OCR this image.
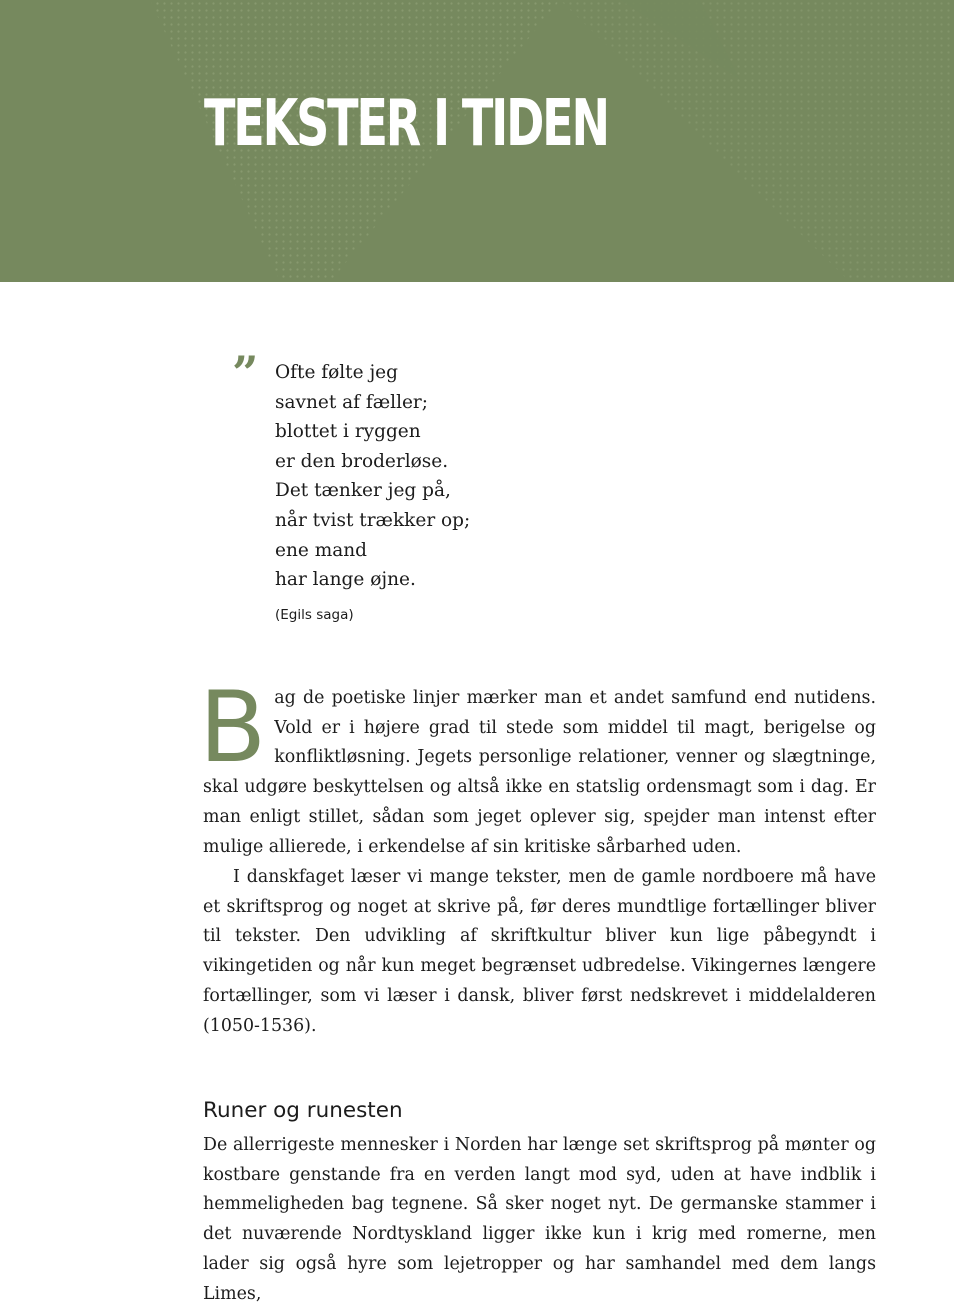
TEKSTER I TIDEN
” Ofte følte jeg
savnet af fæller;
blottet i ryggen
er den broderløse.
Det tænker jeg på,
når tvist trækker op;
ene mand
har lange øjne.
(Egils saga)

Bag de poetiske linjer mærker man et andet samfund end nutidens. Vold er i højere grad til stede som middel til magt, berigelse og konfliktløsning. Jegets personlige relationer, venner og slægtninge, skal udgøre beskyttelsen og altså ikke en statslig ordensmagt som i dag. Er man enligt stillet, sådan som jeget oplever sig, spejder man intenst efter mulige allierede, i erkendelse af sin kritiske sårbarhed uden.

I danskfaget læser vi mange tekster, men de gamle nordboere må have et skriftsprog og noget at skrive på, før deres mundtlige fortællinger bliver til tekster. Den udvikling af skriftkultur bliver kun lige påbegyndt i vikingetiden og når kun meget begrænset udbredelse. Vikingernes længere fortællinger, som vi læser i dansk, bliver først nedskrevet i middelalderen (1050-1536).

Runer og runesten

De allerrigeste mennesker i Norden har længe set skriftsprog på mønter og kostbare genstande fra en verden langt mod syd, uden at have indblik i hemmeligheden bag tegnene. Så sker noget nyt. De germanske stammer i det nuværende Nordtyskland ligger ikke kun i krig med romerne, men lader sig også hyre som lejetropper og har samhandel med dem langs Limes,
